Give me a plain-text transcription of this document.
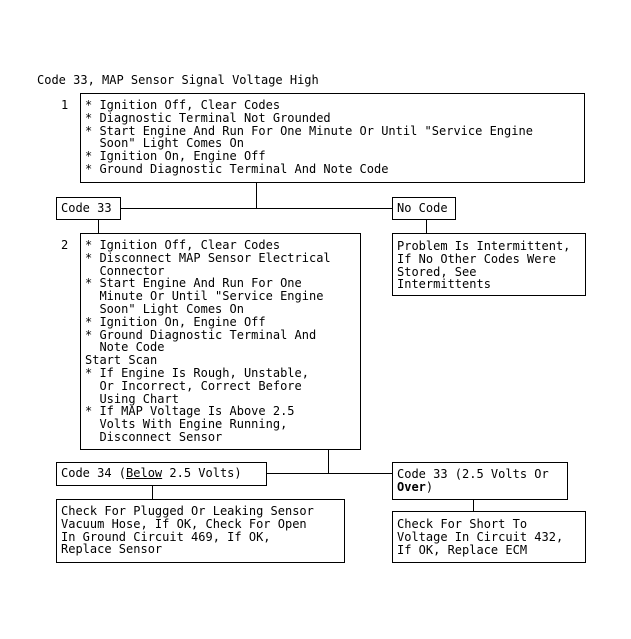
Code 33, MAP Sensor Signal Voltage High
1 * Ignition Off, Clear Codes
* Diagnostic Terminal Not Grounded
* Start Engine And Run For One Minute Or Until "Service Engine
Soon" Light Comes On
* Ignition On, Engine Off
* Ground Diagnostic Terminal And Note Code
Code 33	No Code
2 * Ignition Off, Clear Codes
* Disconnect MAP Sensor Electrical
Connector
* Start Engine And Run For One
Minute Or Until "Service Engine
Soon" Light Comes On
* Ignition On, Engine Off
* Ground Diagnostic Terminal And
Note Code
Start Scan
* If Engine Is Rough, Unstable,
Or Incorrect, Correct Before
Using Chart
* If MAP Voltage Is Above 2.5
Volts With Engine Running,
Disconnect Sensor
Problem Is Intermittent,
If No Other Codes Were
Stored, See
Intermittents
Code 34 (Below 2.5 Volts)	Code 33 (2.5 Volts Or
Over)
Check For Plugged Or Leaking Sensor
Vacuum Hose, If OK, Check For Open
In Ground Circuit 469, If OK,
Replace Sensor
Check For Short To
Voltage In Circuit 432,
If OK, Replace ECM
